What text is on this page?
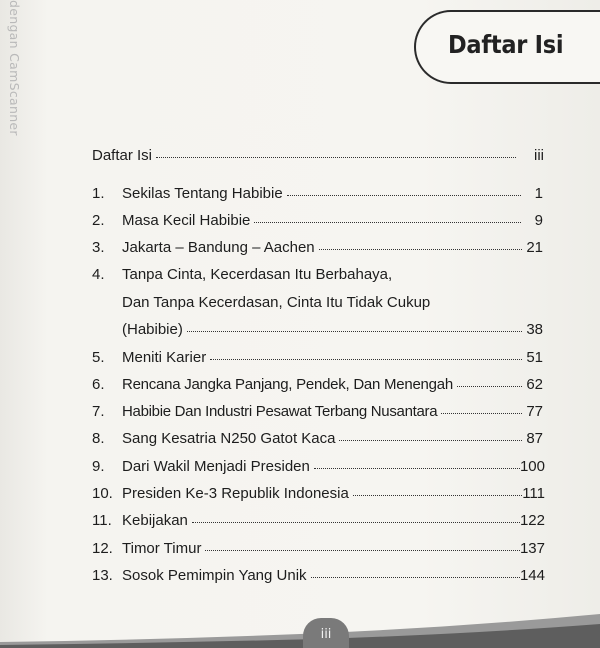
dengan CamScanner	Daftar Isi
Daftar Isi	iii
1.	Sekilas Tentang Habibie	1
2.	Masa Kecil Habibie	9
3.	Jakarta – Bandung – Aachen	21
4.	Tanpa Cinta, Kecerdasan Itu Berbahaya,
Dan Tanpa Kecerdasan, Cinta Itu Tidak Cukup
(Habibie)	38
5.	Meniti Karier	51
6.	Rencana Jangka Panjang, Pendek, Dan Menengah	62
7.	Habibie Dan Industri Pesawat Terbang Nusantara	77
8.	Sang Kesatria N250 Gatot Kaca	87
9.	Dari Wakil Menjadi Presiden	100
10. Presiden Ke-3 Republik Indonesia	111
11. Kebijakan	122
12. Timor Timur	137
13. Sosok Pemimpin Yang Unik	144
iii
